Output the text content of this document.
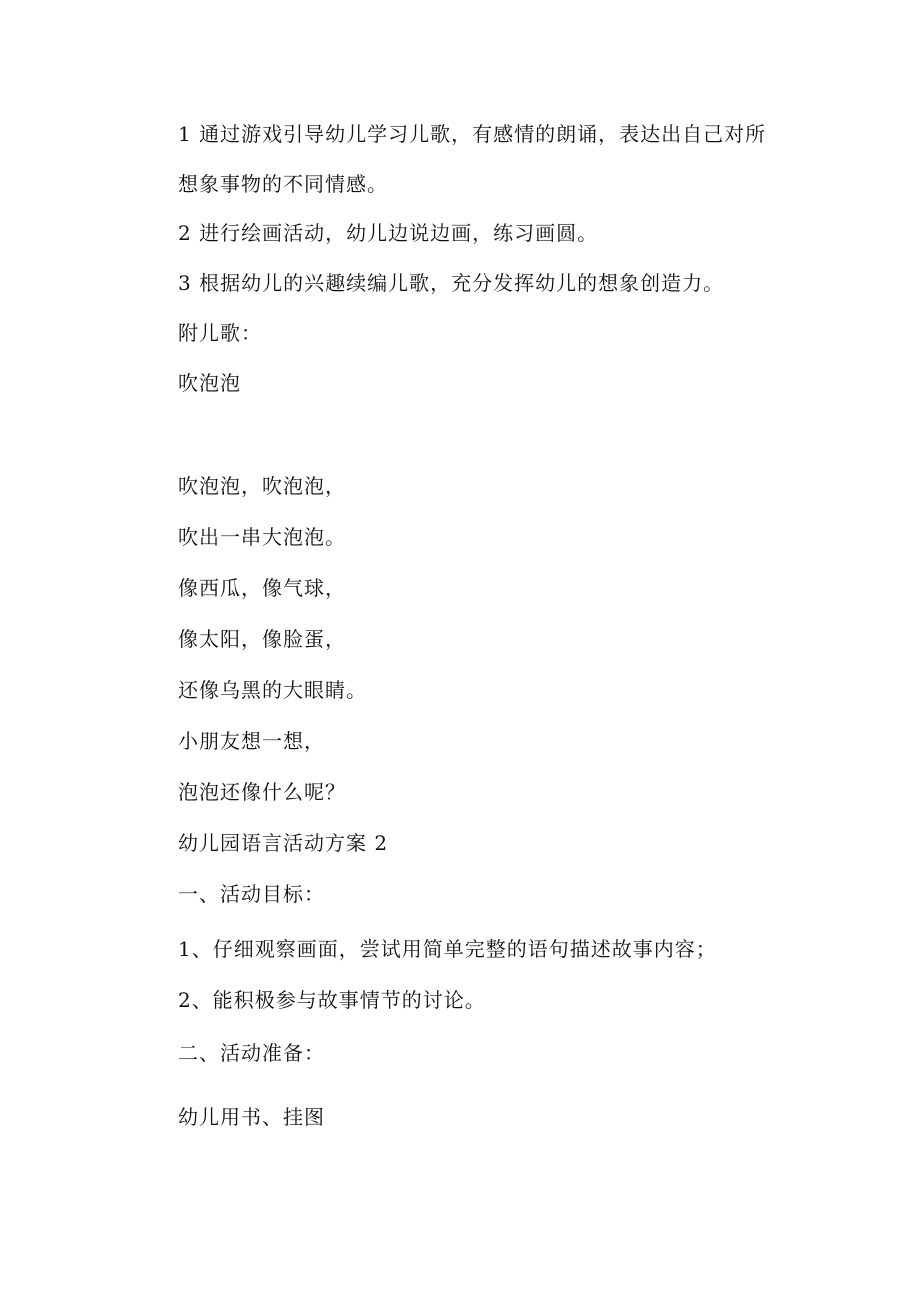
1 通过游戏引导幼儿学习儿歌，有感情的朗诵，表达出自己对所
想象事物的不同情感。
2 进行绘画活动，幼儿边说边画，练习画圆。
3 根据幼儿的兴趣续编儿歌，充分发挥幼儿的想象创造力。
附儿歌：
吹泡泡
吹泡泡，吹泡泡，
吹出一串大泡泡。
像西瓜，像气球，
像太阳，像脸蛋，
还像乌黑的大眼睛。
小朋友想一想，
泡泡还像什么呢？
幼儿园语言活动方案 2
一、活动目标：
1、仔细观察画面，尝试用简单完整的语句描述故事内容；
2、能积极参与故事情节的讨论。
二、活动准备：
幼儿用书、挂图
